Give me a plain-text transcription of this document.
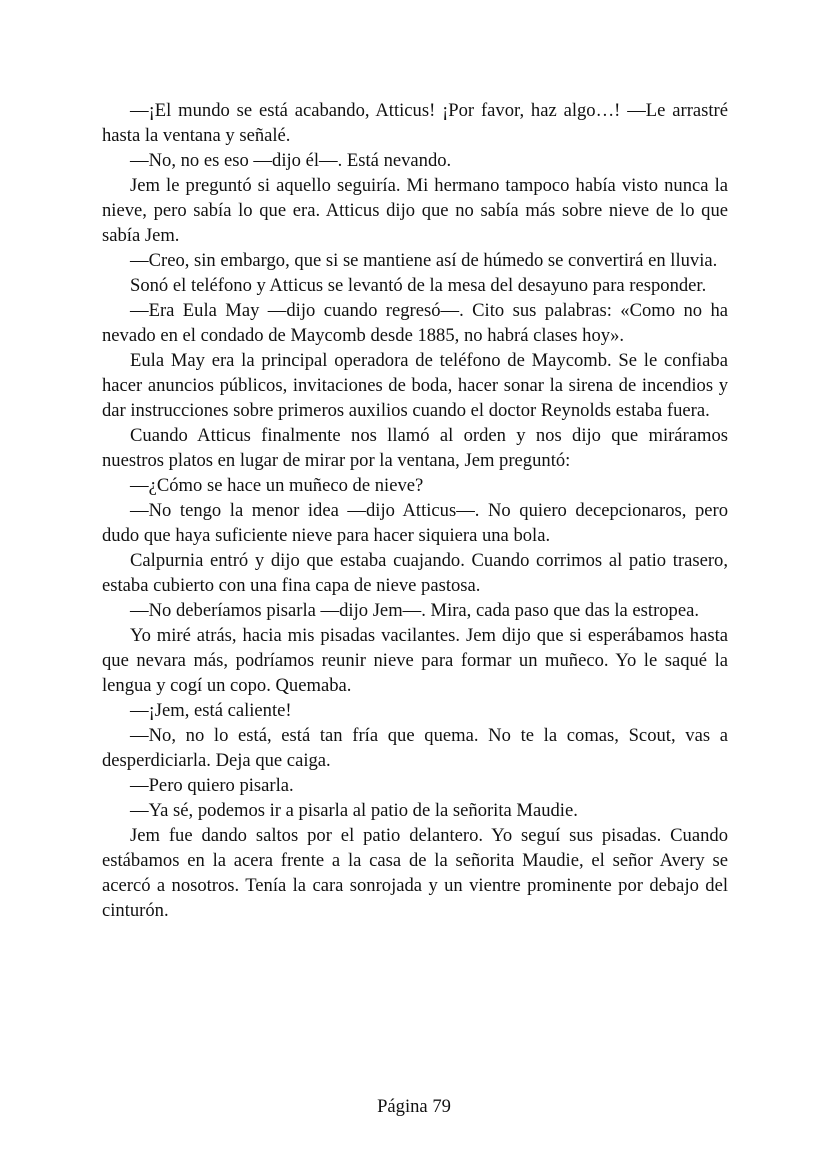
—¡El mundo se está acabando, Atticus! ¡Por favor, haz algo…! —Le arrastré hasta la ventana y señalé.

—No, no es eso —dijo él—. Está nevando.

Jem le preguntó si aquello seguiría. Mi hermano tampoco había visto nunca la nieve, pero sabía lo que era. Atticus dijo que no sabía más sobre nieve de lo que sabía Jem.

—Creo, sin embargo, que si se mantiene así de húmedo se convertirá en lluvia.

Sonó el teléfono y Atticus se levantó de la mesa del desayuno para responder.

—Era Eula May —dijo cuando regresó—. Cito sus palabras: «Como no ha nevado en el condado de Maycomb desde 1885, no habrá clases hoy».

Eula May era la principal operadora de teléfono de Maycomb. Se le confiaba hacer anuncios públicos, invitaciones de boda, hacer sonar la sirena de incendios y dar instrucciones sobre primeros auxilios cuando el doctor Reynolds estaba fuera.

Cuando Atticus finalmente nos llamó al orden y nos dijo que miráramos nuestros platos en lugar de mirar por la ventana, Jem preguntó:

—¿Cómo se hace un muñeco de nieve?

—No tengo la menor idea —dijo Atticus—. No quiero decepcionaros, pero dudo que haya suficiente nieve para hacer siquiera una bola.

Calpurnia entró y dijo que estaba cuajando. Cuando corrimos al patio trasero, estaba cubierto con una fina capa de nieve pastosa.

—No deberíamos pisarla —dijo Jem—. Mira, cada paso que das la estropea.

Yo miré atrás, hacia mis pisadas vacilantes. Jem dijo que si esperábamos hasta que nevara más, podríamos reunir nieve para formar un muñeco. Yo le saqué la lengua y cogí un copo. Quemaba.

—¡Jem, está caliente!

—No, no lo está, está tan fría que quema. No te la comas, Scout, vas a desperdiciarla. Deja que caiga.

—Pero quiero pisarla.

—Ya sé, podemos ir a pisarla al patio de la señorita Maudie.

Jem fue dando saltos por el patio delantero. Yo seguí sus pisadas. Cuando estábamos en la acera frente a la casa de la señorita Maudie, el señor Avery se acercó a nosotros. Tenía la cara sonrojada y un vientre prominente por debajo del cinturón.

Página 79
